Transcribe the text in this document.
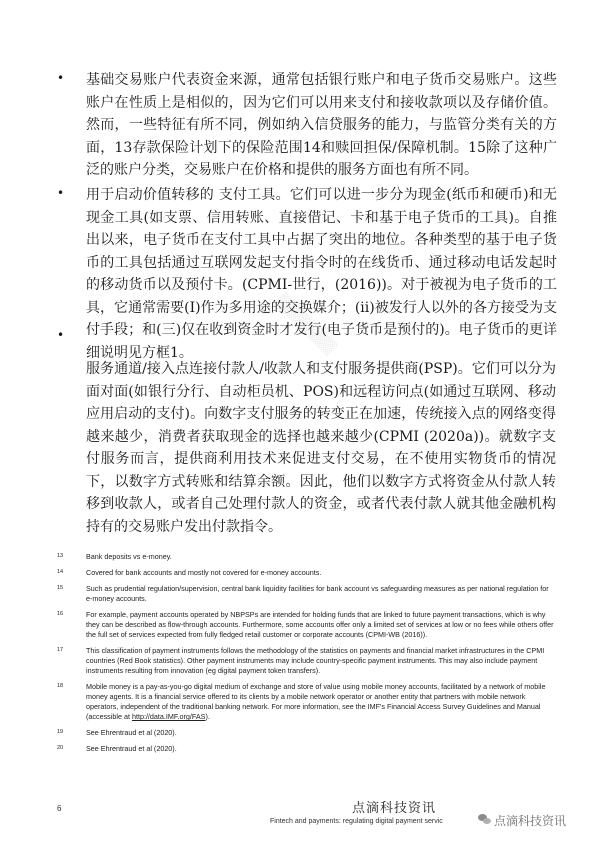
• 基础交易账户代表资金来源，通常包括银行账户和电子货币交易账户。这些账户在性质上是相似的，因为它们可以用来支付和接收款项以及存储价值。然而，一些特征有所不同，例如纳入信贷服务的能力，与监管分类有关的方面，13存款保险计划下的保险范围14和赎回担保/保障机制。15除了这种广泛的账户分类，交易账户在价格和提供的服务方面也有所不同。
• 用于启动价值转移的 支付工具。它们可以进一步分为现金(纸币和硬币)和无现金工具(如支票、信用转账、直接借记、卡和基于电子货币的工具)。自推出以来，电子货币在支付工具中占据了突出的地位。各种类型的基于电子货币的工具包括通过互联网发起支付指令时的在线货币、通过移动电话发起时的移动货币以及预付卡。(CPMI-世行，(2016))。对于被视为电子货币的工具，它通常需要(I)作为多用途的交换媒介；(ii)被发行人以外的各方接受为支付手段；和(三)仅在收到资金时才发行(电子货币是预付的)。电子货币的更详细说明见方框1。
•
服务通道/接入点连接付款人/收款人和支付服务提供商(PSP)。它们可以分为面对面(如银行分行、自动柜员机、POS)和远程访问点(如通过互联网、移动应用启动的支付)。向数字支付服务的转变正在加速，传统接入点的网络变得越来越少，消费者获取现金的选择也越来越少(CPMI (2020a))。就数字支付服务而言，提供商利用技术来促进支付交易，在不使用实物货币的情况下，以数字方式转账和结算余额。因此，他们以数字方式将资金从付款人转移到收款人，或者自己处理付款人的资金，或者代表付款人就其他金融机构持有的交易账户发出付款指令。
▒▒▒▒▒▒▒
13	Bank deposits vs e-money.
14	Covered for bank accounts and mostly not covered for e-money accounts.
15	Such as prudential regulation/supervision, central bank liquidity facilities for bank account vs safeguarding measures as per national regulation for e-money accounts.
16	For example, payment accounts operated by NBPSPs are intended for holding funds that are linked to future payment transactions, which is why they can be described as flow-through accounts. Furthermore, some accounts offer only a limited set of services at low or no fees while others offer the full set of services expected from fully fledged retail customer or corporate accounts (CPMI-WB (2016)).
17	This classification of payment instruments follows the methodology of the statistics on payments and financial market infrastructures in the CPMI countries (Red Book statistics). Other payment instruments may include country-specific payment instruments. This may also include payment instruments resulting from innovation (eg digital payment token transfers).
18	Mobile money is a pay-as-you-go digital medium of exchange and store of value using mobile money accounts, facilitated by a network of mobile money agents. It is a financial service offered to its clients by a mobile network operator or another entity that partners with mobile network operators, independent of the traditional banking network. For more information, see the IMF's Financial Access Survey Guidelines and Manual (accessible at http://data.IMF.org/FAS).
19	See Ehrentraud et al (2020).
20	See Ehrentraud et al (2020).
6	点滴科技资讯
Fintech and payments: regulating digital payment servic	点滴科技资讯
